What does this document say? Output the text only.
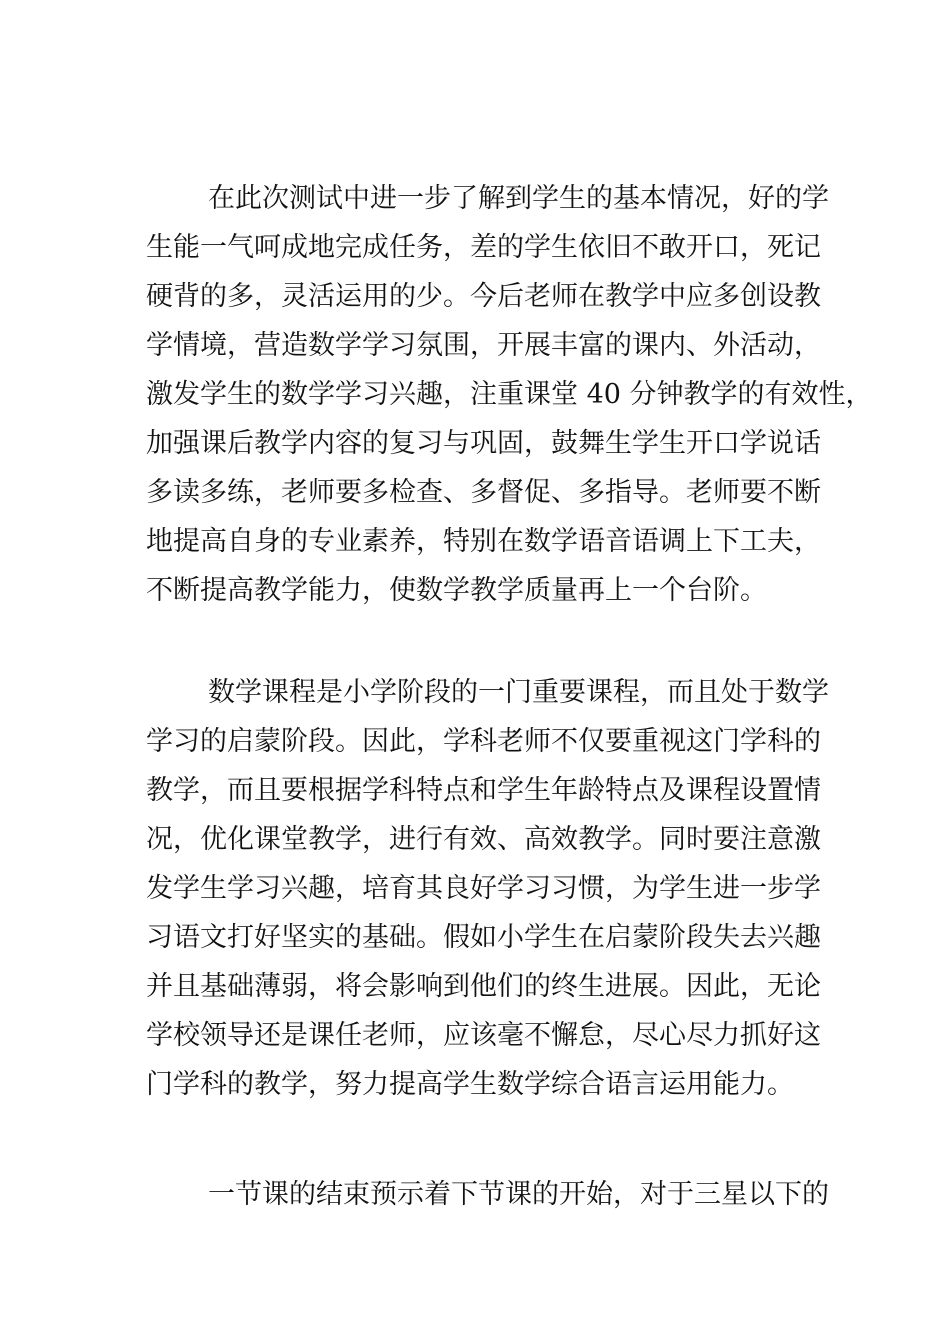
在此次测试中进一步了解到学生的基本情况，好的学
生能一气呵成地完成任务，差的学生依旧不敢开口，死记
硬背的多，灵活运用的少。今后老师在教学中应多创设教
学情境，营造数学学习氛围，开展丰富的课内、外活动，
激发学生的数学学习兴趣，注重课堂 40 分钟教学的有效性，
加强课后教学内容的复习与巩固，鼓舞生学生开口学说话
多读多练，老师要多检查、多督促、多指导。老师要不断
地提高自身的专业素养，特别在数学语音语调上下工夫，
不断提高教学能力，使数学教学质量再上一个台阶。
数学课程是小学阶段的一门重要课程，而且处于数学
学习的启蒙阶段。因此，学科老师不仅要重视这门学科的
教学，而且要根据学科特点和学生年龄特点及课程设置情
况，优化课堂教学，进行有效、高效教学。同时要注意激
发学生学习兴趣，培育其良好学习习惯，为学生进一步学
习语文打好坚实的基础。假如小学生在启蒙阶段失去兴趣
并且基础薄弱，将会影响到他们的终生进展。因此，无论
学校领导还是课任老师，应该毫不懈怠，尽心尽力抓好这
门学科的教学，努力提高学生数学综合语言运用能力。
一节课的结束预示着下节课的开始，对于三星以下的
